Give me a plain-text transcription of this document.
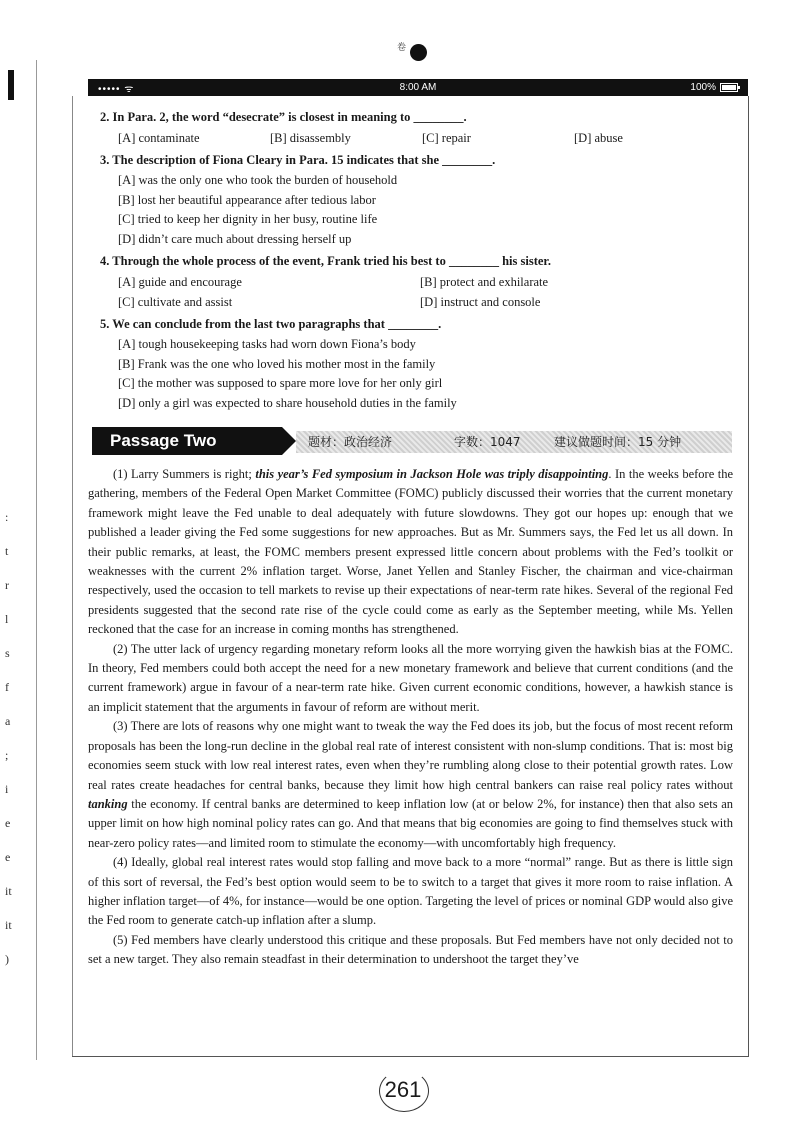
:
t
r
l
s
f
a
;
i
e
e
it
it
)
卷
••••• ᯤ	8:00 AM	100%
2. In Para. 2, the word “desecrate” is closest in meaning to ________.
[A] contaminate	[B] disassembly	[C] repair	[D] abuse
3. The description of Fiona Cleary in Para. 15 indicates that she ________.
[A] was the only one who took the burden of household
[B] lost her beautiful appearance after tedious labor
[C] tried to keep her dignity in her busy, routine life
[D] didn’t care much about dressing herself up
4. Through the whole process of the event, Frank tried his best to ________ his sister.
[A] guide and encourage	[B] protect and exhilarate
[C] cultivate and assist	[D] instruct and console
5. We can conclude from the last two paragraphs that ________.
[A] tough housekeeping tasks had worn down Fiona’s body
[B] Frank was the one who loved his mother most in the family
[C] the mother was supposed to spare more love for her only girl
[D] only a girl was expected to share household duties in the family
Passage Two	题材：政治经济	字数：1047	建议做题时间：15 分钟

(1) Larry Summers is right; this year’s Fed symposium in Jackson Hole was triply disappointing. In the weeks before the gathering, members of the Federal Open Market Committee (FOMC) publicly discussed their worries that the current monetary framework might leave the Fed unable to deal adequately with future slowdowns. They got our hopes up: enough that we published a leader giving the Fed some suggestions for new approaches. But as Mr. Summers says, the Fed let us all down. In their public remarks, at least, the FOMC members present expressed little concern about problems with the Fed’s toolkit or weaknesses with the current 2% inflation target. Worse, Janet Yellen and Stanley Fischer, the chairman and vice-chairman respectively, used the occasion to tell markets to revise up their expectations of near-term rate hikes. Several of the regional Fed presidents suggested that the second rate rise of the cycle could come as early as the September meeting, while Ms. Yellen reckoned that the case for an increase in coming months has strengthened.

(2) The utter lack of urgency regarding monetary reform looks all the more worrying given the hawkish bias at the FOMC. In theory, Fed members could both accept the need for a new monetary framework and believe that current conditions (and the current framework) argue in favour of a near-term rate hike. Given current economic conditions, however, a hawkish stance is an implicit statement that the arguments in favour of reform are without merit.

(3) There are lots of reasons why one might want to tweak the way the Fed does its job, but the focus of most recent reform proposals has been the long-run decline in the global real rate of interest consistent with non-slump conditions. That is: most big economies seem stuck with low real interest rates, even when they’re rumbling along close to their potential growth rates. Low real rates create headaches for central banks, because they limit how high central bankers can raise real policy rates without tanking the economy. If central banks are determined to keep inflation low (at or below 2%, for instance) then that also sets an upper limit on how high nominal policy rates can go. And that means that big economies are going to find themselves stuck with near-zero policy rates—and limited room to stimulate the economy—with uncomfortably high frequency.

(4) Ideally, global real interest rates would stop falling and move back to a more “normal” range. But as there is little sign of this sort of reversal, the Fed’s best option would seem to be to switch to a target that gives it more room to raise inflation. A higher inflation target—of 4%, for instance—would be one option. Targeting the level of prices or nominal GDP would also give the Fed room to generate catch-up inflation after a slump.

(5) Fed members have clearly understood this critique and these proposals. But Fed members have not only decided not to set a new target. They also remain steadfast in their determination to undershoot the target they’ve

261
